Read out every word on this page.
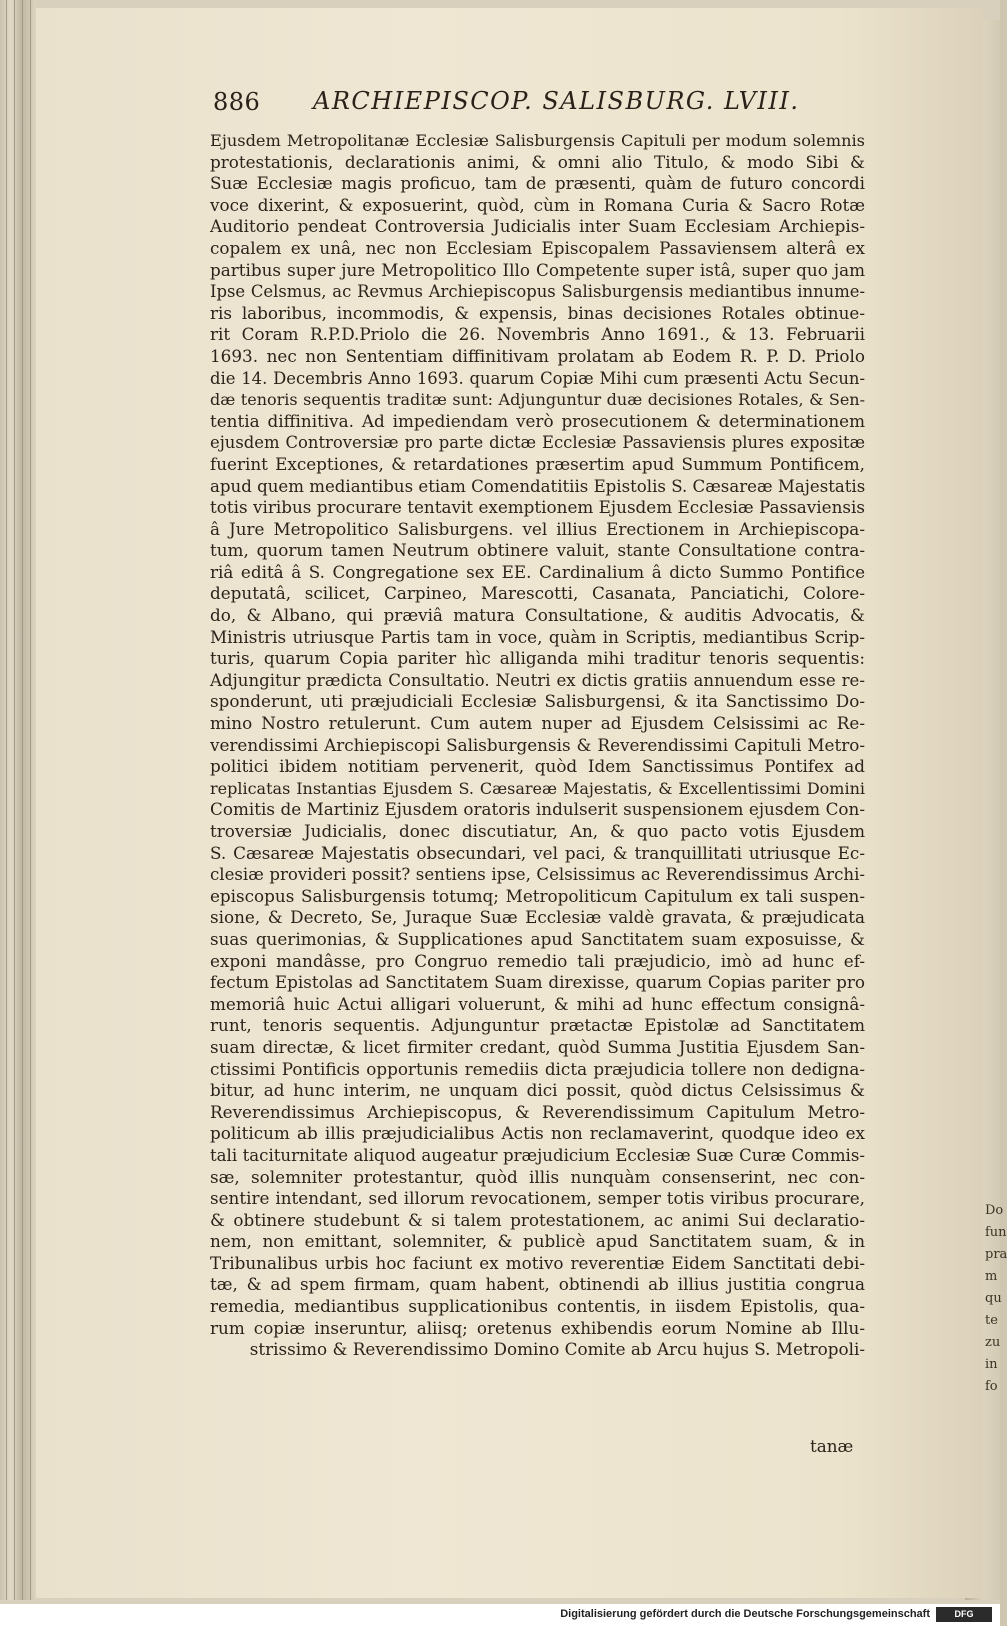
Do
fun
pra
m
qu
te
zu
in
fo
886 ARCHIEPISCOP. SALISBURG. LVIII.
Ejusdem Metropolitanæ Ecclesiæ Salisburgensis Capituli per modum solemnis
protestationis, declarationis animi, & omni alio Titulo, & modo Sibi &
Suæ Ecclesiæ magis proficuo, tam de præsenti, quàm de futuro concordi
voce dixerint, & exposuerint, quòd, cùm in Romana Curia & Sacro Rotæ
Auditorio pendeat Controversia Judicialis inter Suam Ecclesiam Archiepis-
copalem ex unâ, nec non Ecclesiam Episcopalem Passaviensem alterâ ex
partibus super jure Metropolitico Illo Competente super istâ, super quo jam
Ipse Celsmus, ac Revmus Archiepiscopus Salisburgensis mediantibus innume-
ris laboribus, incommodis, & expensis, binas decisiones Rotales obtinue-
rit Coram R.P.D.Priolo die 26. Novembris Anno 1691., & 13. Februarii
1693. nec non Sententiam diffinitivam prolatam ab Eodem R. P. D. Priolo
die 14. Decembris Anno 1693. quarum Copiæ Mihi cum præsenti Actu Secun-
dæ tenoris sequentis traditæ sunt: Adjunguntur duæ decisiones Rotales, & Sen-
tentia diffinitiva. Ad impediendam verò prosecutionem & determinationem
ejusdem Controversiæ pro parte dictæ Ecclesiæ Passaviensis plures expositæ
fuerint Exceptiones, & retardationes præsertim apud Summum Pontificem,
apud quem mediantibus etiam Comendatitiis Epistolis S. Cæsareæ Majestatis
totis viribus procurare tentavit exemptionem Ejusdem Ecclesiæ Passaviensis
â Jure Metropolitico Salisburgens. vel illius Erectionem in Archiepiscopa-
tum, quorum tamen Neutrum obtinere valuit, stante Consultatione contra-
riâ editâ â S. Congregatione sex EE. Cardinalium â dicto Summo Pontifice
deputatâ, scilicet, Carpineo, Marescotti, Casanata, Panciatichi, Colore-
do, & Albano, qui præviâ matura Consultatione, & auditis Advocatis, &
Ministris utriusque Partis tam in voce, quàm in Scriptis, mediantibus Scrip-
turis, quarum Copia pariter hìc alliganda mihi traditur tenoris sequentis:
Adjungitur prædicta Consultatio. Neutri ex dictis gratiis annuendum esse re-
sponderunt, uti præjudiciali Ecclesiæ Salisburgensi, & ita Sanctissimo Do-
mino Nostro retulerunt. Cum autem nuper ad Ejusdem Celsissimi ac Re-
verendissimi Archiepiscopi Salisburgensis & Reverendissimi Capituli Metro-
politici ibidem notitiam pervenerit, quòd Idem Sanctissimus Pontifex ad
replicatas Instantias Ejusdem S. Cæsareæ Majestatis, & Excellentissimi Domini
Comitis de Martiniz Ejusdem oratoris indulserit suspensionem ejusdem Con-
troversiæ Judicialis, donec discutiatur, An, & quo pacto votis Ejusdem
S. Cæsareæ Majestatis obsecundari, vel paci, & tranquillitati utriusque Ec-
clesiæ provideri possit? sentiens ipse, Celsissimus ac Reverendissimus Archi-
episcopus Salisburgensis totumq; Metropoliticum Capitulum ex tali suspen-
sione, & Decreto, Se, Juraque Suæ Ecclesiæ valdè gravata, & præjudicata
suas querimonias, & Supplicationes apud Sanctitatem suam exposuisse, &
exponi mandâsse, pro Congruo remedio tali præjudicio, imò ad hunc ef-
fectum Epistolas ad Sanctitatem Suam direxisse, quarum Copias pariter pro
memoriâ huic Actui alligari voluerunt, & mihi ad hunc effectum consignâ-
runt, tenoris sequentis. Adjunguntur prætactæ Epistolæ ad Sanctitatem
suam directæ, & licet firmiter credant, quòd Summa Justitia Ejusdem San-
ctissimi Pontificis opportunis remediis dicta præjudicia tollere non dedigna-
bitur, ad hunc interim, ne unquam dici possit, quòd dictus Celsissimus &
Reverendissimus Archiepiscopus, & Reverendissimum Capitulum Metro-
politicum ab illis præjudicialibus Actis non reclamaverint, quodque ideo ex
tali taciturnitate aliquod augeatur præjudicium Ecclesiæ Suæ Curæ Commis-
sæ, solemniter protestantur, quòd illis nunquàm consenserint, nec con-
sentire intendant, sed illorum revocationem, semper totis viribus procurare,
& obtinere studebunt & si talem protestationem, ac animi Sui declaratio-
nem, non emittant, solemniter, & publicè apud Sanctitatem suam, & in
Tribunalibus urbis hoc faciunt ex motivo reverentiæ Eidem Sanctitati debi-
tæ, & ad spem firmam, quam habent, obtinendi ab illius justitia congrua
remedia, mediantibus supplicationibus contentis, in iisdem Epistolis, qua-
rum copiæ inseruntur, aliisq; oretenus exhibendis eorum Nomine ab Illu-
strissimo & Reverendissimo Domino Comite ab Arcu hujus S. Metropoli-
tanæ
Digitalisierung gefördert durch die Deutsche Forschungsgemeinschaft	DFG
